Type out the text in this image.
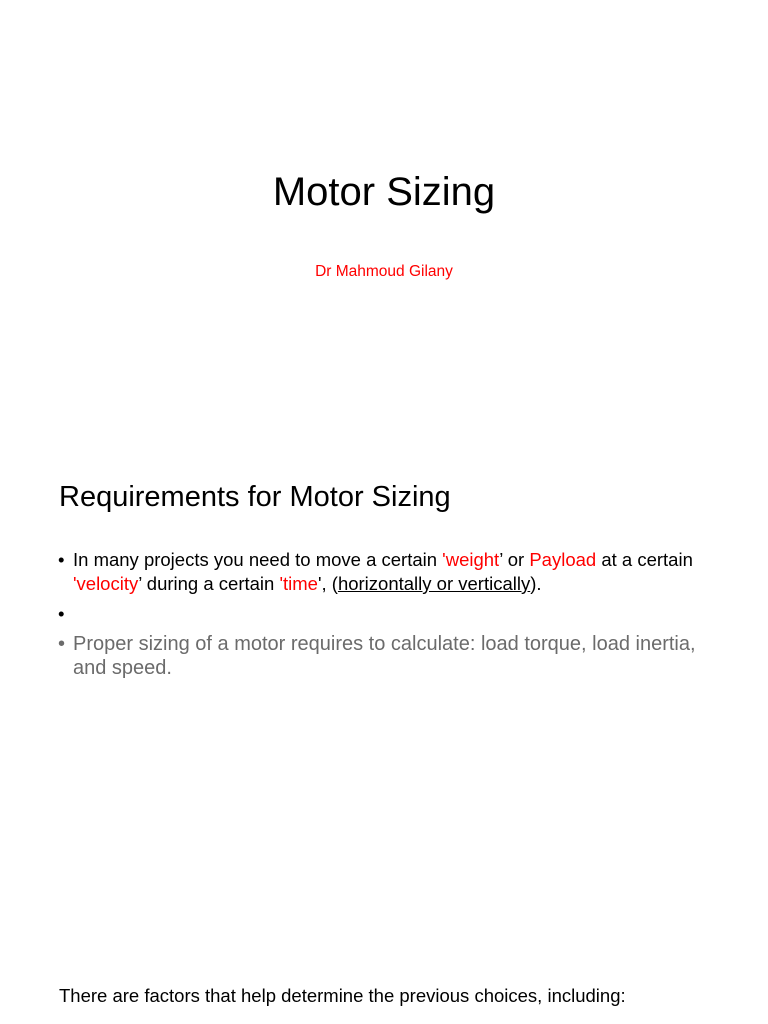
Motor Sizing

Dr Mahmoud Gilany

Requirements for Motor Sizing
• In many projects you need to move a certain 'weight’ or Payload at a certain 'velocity’ during a certain 'time', (horizontally or vertically).
•
• Proper sizing of a motor requires to calculate: load torque, load inertia, and speed.

There are factors that help determine the previous choices, including:
